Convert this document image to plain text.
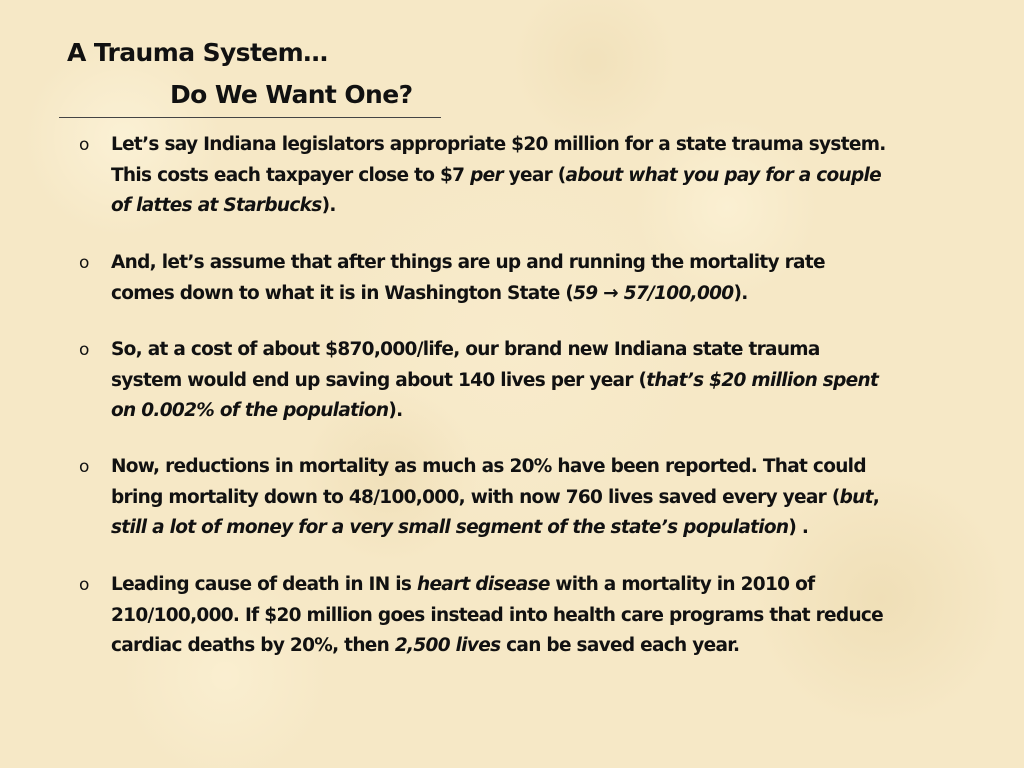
A Trauma System…
Do We Want One?
o Let’s say Indiana legislators appropriate $20 million for a state trauma system.
This costs each taxpayer close to $7 per year (about what you pay for a couple
of lattes at Starbucks).
o And, let’s assume that after things are up and running the mortality rate
comes down to what it is in Washington State (59 → 57/100,000).
o So, at a cost of about $870,000/life, our brand new Indiana state trauma
system would end up saving about 140 lives per year (that’s $20 million spent
on 0.002% of the population).
o Now, reductions in mortality as much as 20% have been reported. That could
bring mortality down to 48/100,000, with now 760 lives saved every year (but,
still a lot of money for a very small segment of the state’s population) .
o Leading cause of death in IN is heart disease with a mortality in 2010 of
210/100,000. If $20 million goes instead into health care programs that reduce
cardiac deaths by 20%, then 2,500 lives can be saved each year.
